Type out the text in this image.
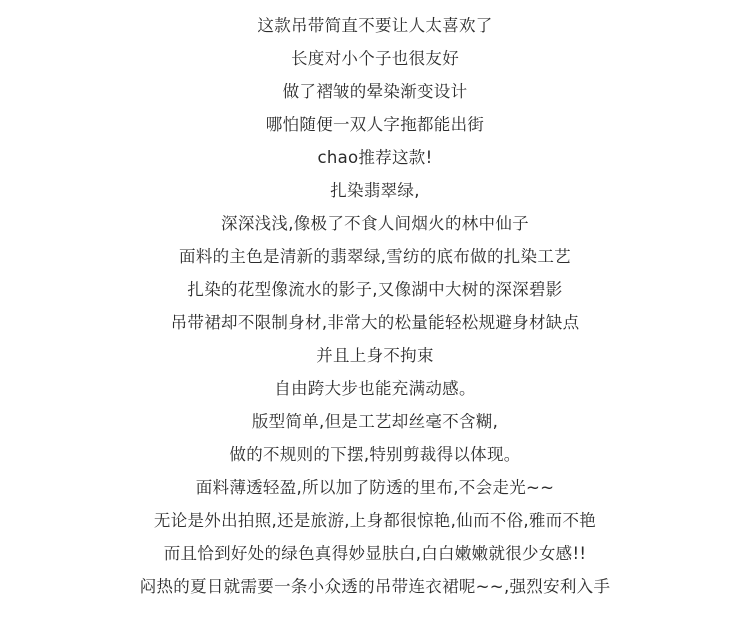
这款吊带简直不要让人太喜欢了
长度对小个子也很友好
做了褶皱的晕染渐变设计
哪怕随便一双人字拖都能出街
chao推荐这款!
扎染翡翠绿,
深深浅浅,像极了不食人间烟火的林中仙子
面料的主色是清新的翡翠绿,雪纺的底布做的扎染工艺
扎染的花型像流水的影子,又像湖中大树的深深碧影
吊带裙却不限制身材,非常大的松量能轻松规避身材缺点
并且上身不拘束
自由跨大步也能充满动感。
版型简单,但是工艺却丝毫不含糊,
做的不规则的下摆,特别剪裁得以体现。
面料薄透轻盈,所以加了防透的里布,不会走光~~
无论是外出拍照,还是旅游,上身都很惊艳,仙而不俗,雅而不艳
而且恰到好处的绿色真得妙显肤白,白白嫩嫩就很少女感!!
闷热的夏日就需要一条小众透的吊带连衣裙呢~~,强烈安利入手
